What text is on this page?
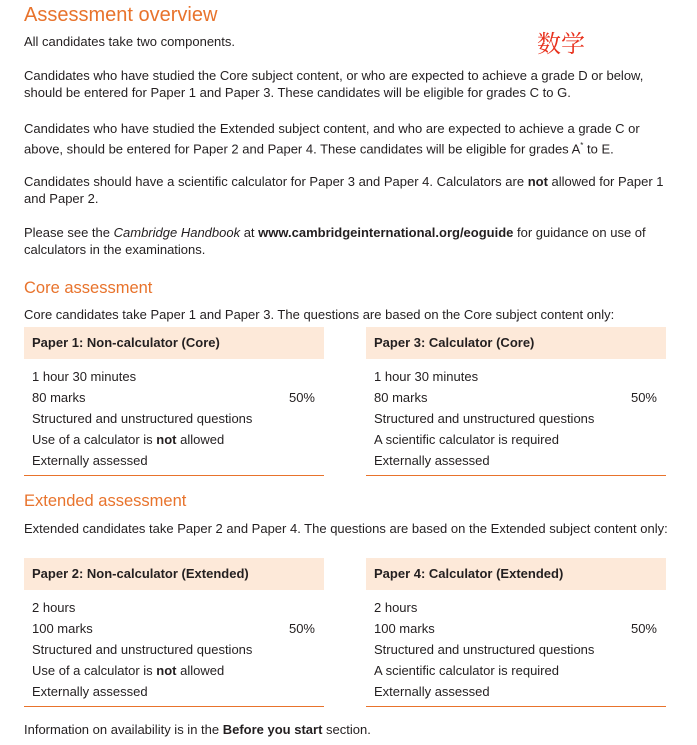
Assessment overview
数学

All candidates take two components.

Candidates who have studied the Core subject content, or who are expected to achieve a grade D or below, should be entered for Paper 1 and Paper 3. These candidates will be eligible for grades C to G.

Candidates who have studied the Extended subject content, and who are expected to achieve a grade C or above, should be entered for Paper 2 and Paper 4. These candidates will be eligible for grades A* to E.

Candidates should have a scientific calculator for Paper 3 and Paper 4. Calculators are not allowed for Paper 1 and Paper 2.

Please see the Cambridge Handbook at www.cambridgeinternational.org/eoguide for guidance on use of calculators in the examinations.

Core assessment

Core candidates take Paper 1 and Paper 3. The questions are based on the Core subject content only:

Paper 1: Non-calculator (Core)
1 hour 30 minutes
80 marks	50%
Structured and unstructured questions
Use of a calculator is not allowed
Externally assessed
Paper 3: Calculator (Core)
1 hour 30 minutes
80 marks	50%
Structured and unstructured questions
A scientific calculator is required
Externally assessed
Extended assessment

Extended candidates take Paper 2 and Paper 4. The questions are based on the Extended subject content only:

Paper 2: Non-calculator (Extended)
2 hours
100 marks	50%
Structured and unstructured questions
Use of a calculator is not allowed
Externally assessed
Paper 4: Calculator (Extended)
2 hours
100 marks	50%
Structured and unstructured questions
A scientific calculator is required
Externally assessed

Information on availability is in the Before you start section.
